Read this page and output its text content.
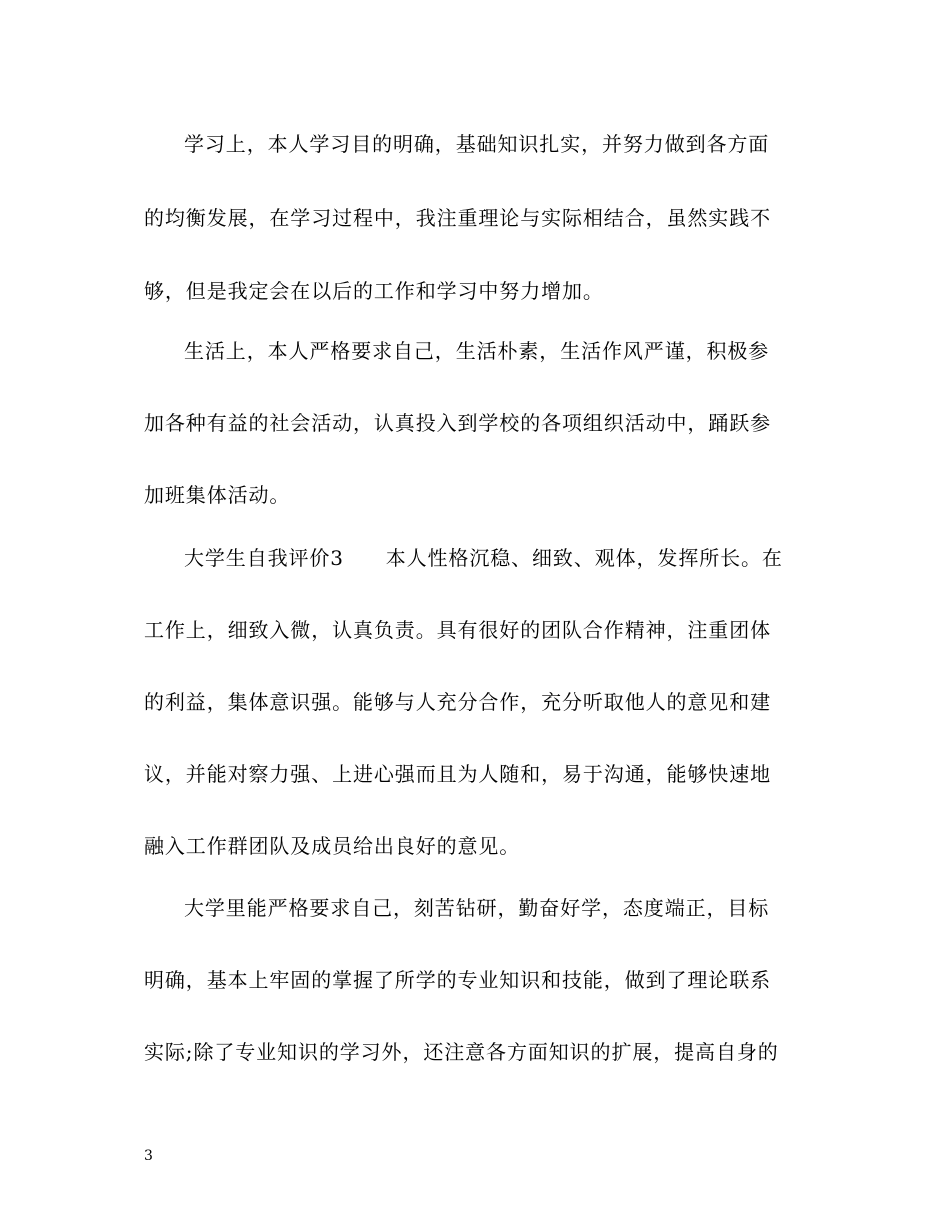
学习上，本人学习目的明确，基础知识扎实，并努力做到各方面
的均衡发展，在学习过程中，我注重理论与实际相结合，虽然实践不
够，但是我定会在以后的工作和学习中努力增加。
生活上，本人严格要求自己，生活朴素，生活作风严谨，积极参
加各种有益的社会活动，认真投入到学校的各项组织活动中，踊跃参
加班集体活动。
大学生自我评价3　　本人性格沉稳、细致、观体，发挥所长。在
工作上，细致入微，认真负责。具有很好的团队合作精神，注重团体
的利益，集体意识强。能够与人充分合作，充分听取他人的意见和建
议，并能对察力强、上进心强而且为人随和，易于沟通，能够快速地
融入工作群团队及成员给出良好的意见。
大学里能严格要求自己，刻苦钻研，勤奋好学，态度端正，目标
明确，基本上牢固的掌握了所学的专业知识和技能，做到了理论联系
实际;除了专业知识的学习外，还注意各方面知识的扩展，提高自身的
3
